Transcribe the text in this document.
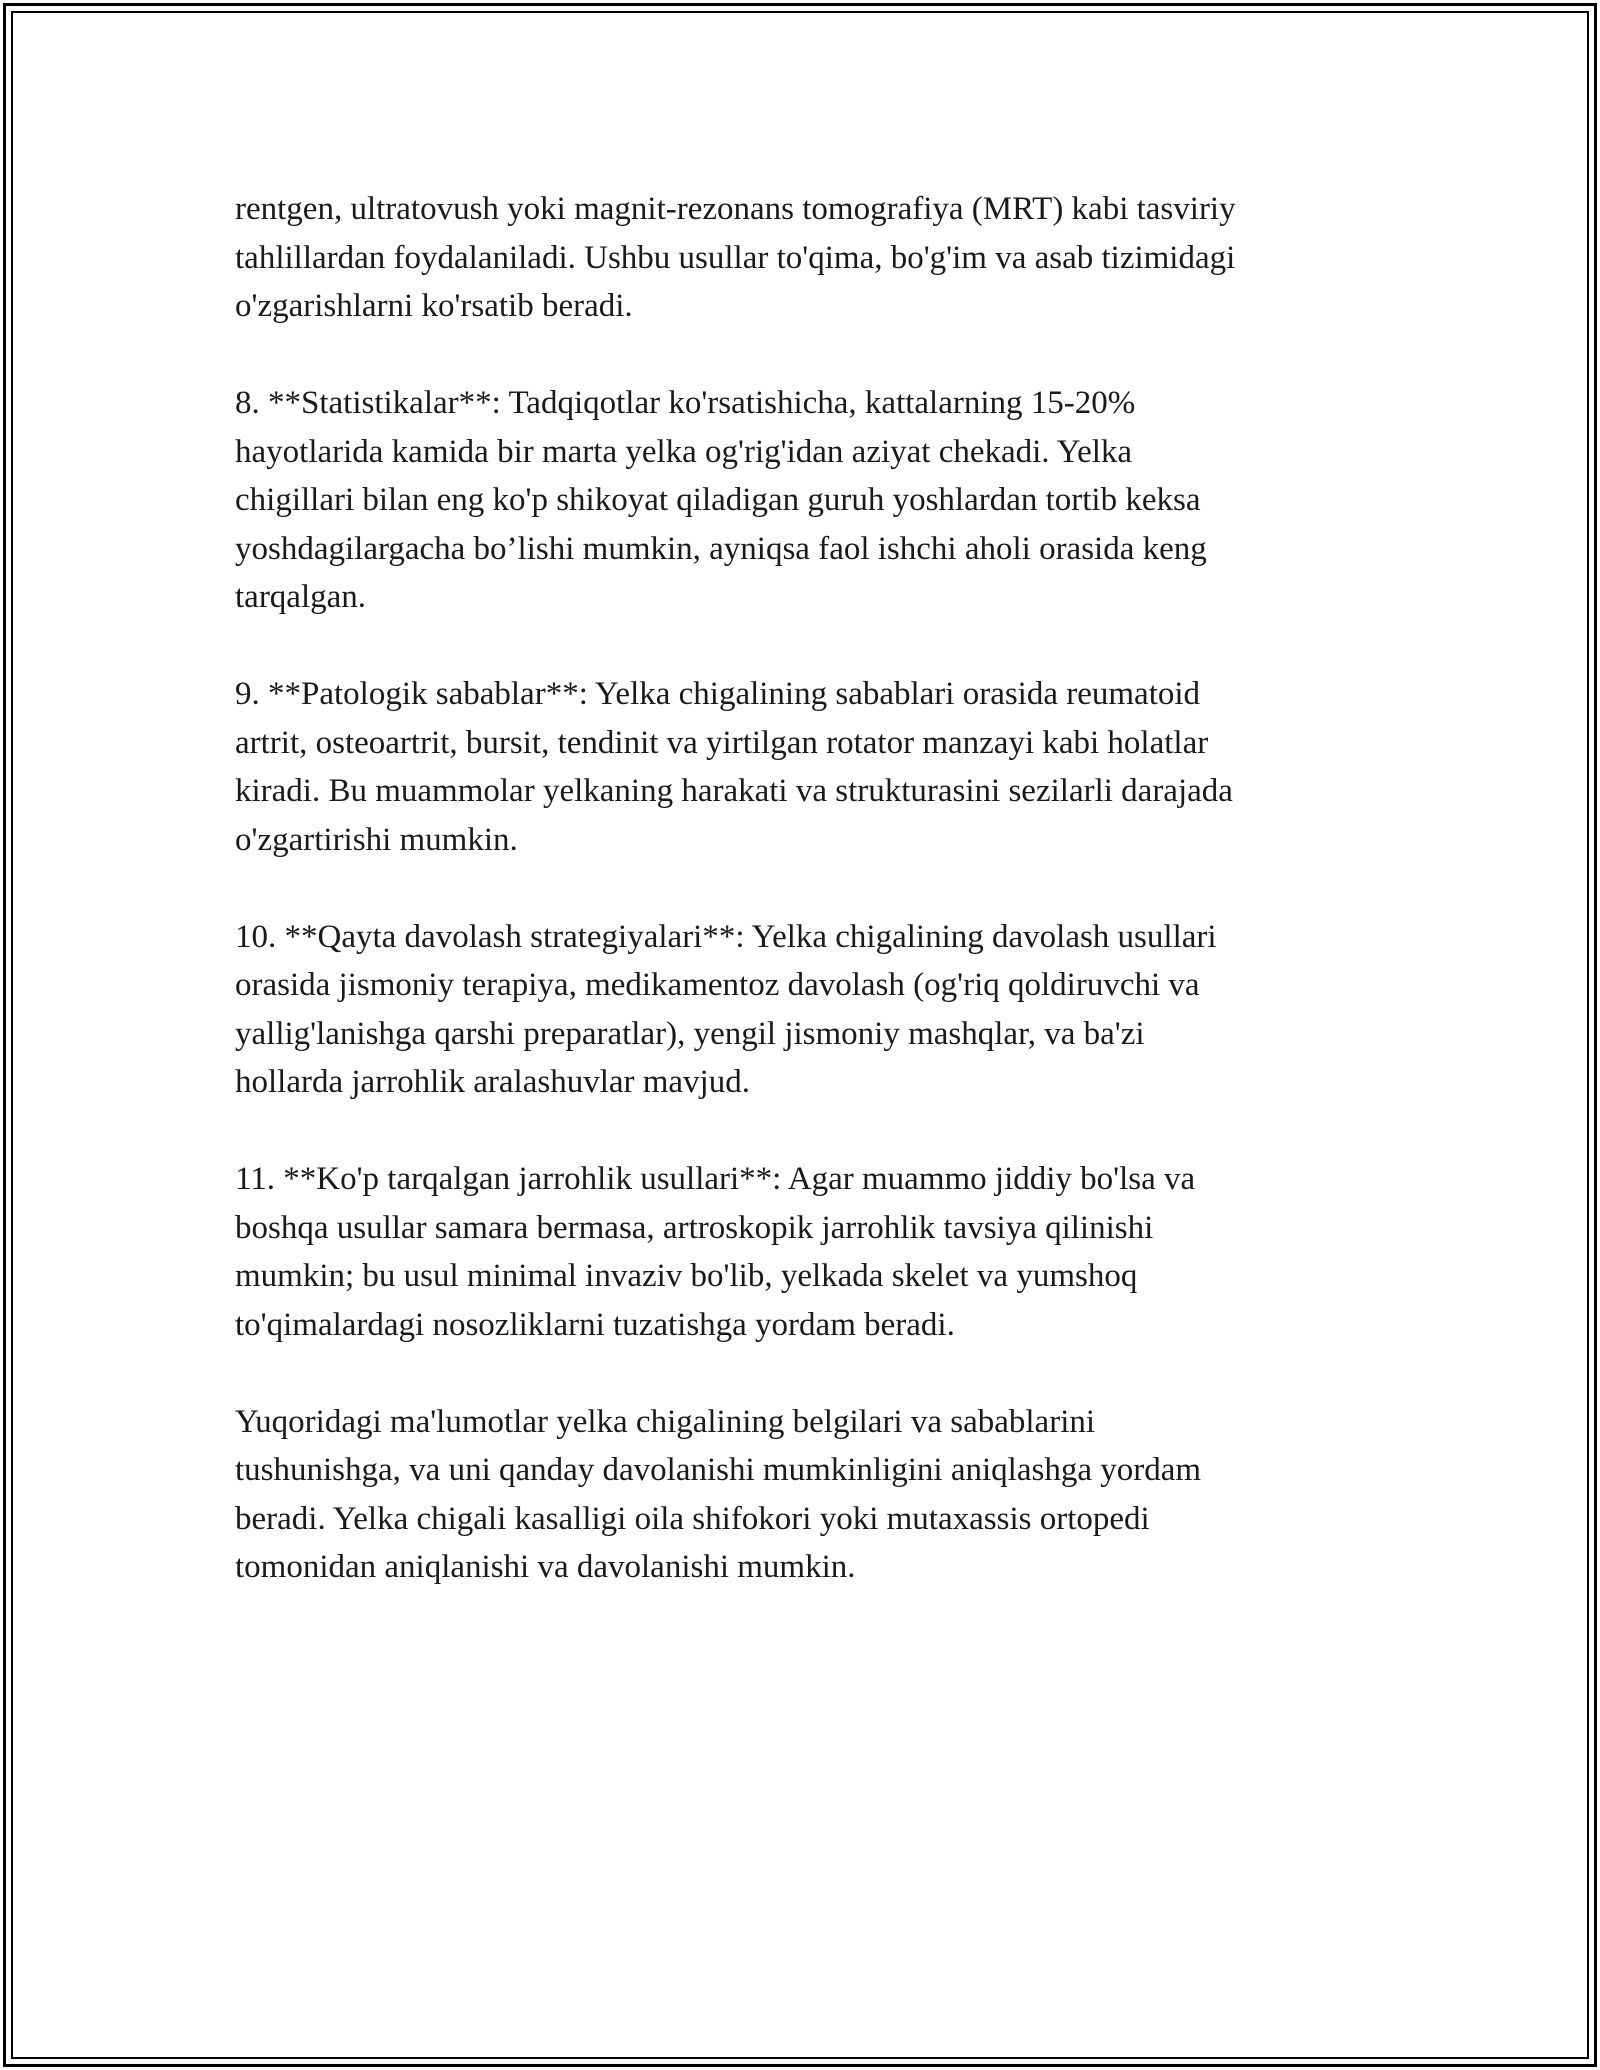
rentgen, ultratovush yoki magnit-rezonans tomografiya (MRT) kabi tasviriy
tahlillardan foydalaniladi. Ushbu usullar to'qima, bo'g'im va asab tizimidagi
o'zgarishlarni ko'rsatib beradi.

8. **Statistikalar**: Tadqiqotlar ko'rsatishicha, kattalarning 15-20%
hayotlarida kamida bir marta yelka og'rig'idan aziyat chekadi. Yelka
chigillari bilan eng ko'p shikoyat qiladigan guruh yoshlardan tortib keksa
yoshdagilargacha bo’lishi mumkin, ayniqsa faol ishchi aholi orasida keng
tarqalgan.

9. **Patologik sabablar**: Yelka chigalining sabablari orasida reumatoid
artrit, osteoartrit, bursit, tendinit va yirtilgan rotator manzayi kabi holatlar
kiradi. Bu muammolar yelkaning harakati va strukturasini sezilarli darajada
o'zgartirishi mumkin.

10. **Qayta davolash strategiyalari**: Yelka chigalining davolash usullari
orasida jismoniy terapiya, medikamentoz davolash (og'riq qoldiruvchi va
yallig'lanishga qarshi preparatlar), yengil jismoniy mashqlar, va ba'zi
hollarda jarrohlik aralashuvlar mavjud.

11. **Ko'p tarqalgan jarrohlik usullari**: Agar muammo jiddiy bo'lsa va
boshqa usullar samara bermasa, artroskopik jarrohlik tavsiya qilinishi
mumkin; bu usul minimal invaziv bo'lib, yelkada skelet va yumshoq
to'qimalardagi nosozliklarni tuzatishga yordam beradi.

Yuqoridagi ma'lumotlar yelka chigalining belgilari va sabablarini
tushunishga, va uni qanday davolanishi mumkinligini aniqlashga yordam
beradi. Yelka chigali kasalligi oila shifokori yoki mutaxassis ortopedi
tomonidan aniqlanishi va davolanishi mumkin.
